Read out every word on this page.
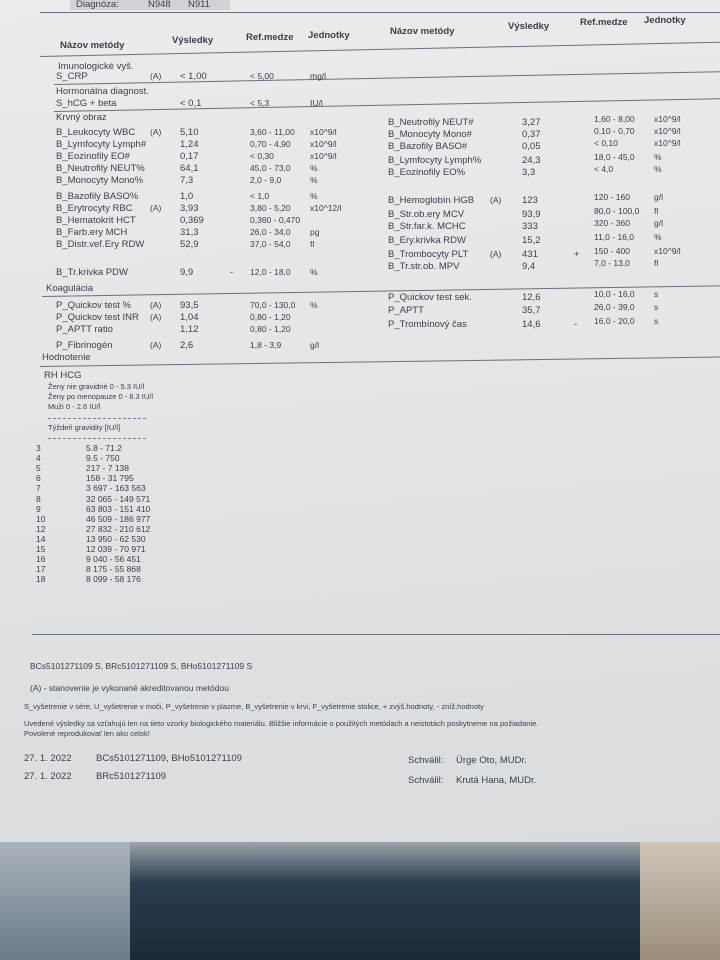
Diagnóza:	N948 N911
Názov metódy	Výsledky	Ref.medze Jednotky	Názov metódy	Výsledky	Ref.medze Jednotky
Imunologické vyš.
Hormonálna diagnost.
Krvný obraz
Koagulácia
Hodnotenie
S_CRP	(A) < 1,00	< 5,00	mg/l
S_hCG + beta	< 0,1	< 5,3	IU/l
B_Leukocyty WBC (A) 5,10	3,60 - 11,00 x10^9/l
B_Lymfocyty Lymph#	1,24	0,70 - 4,90 x10^9/l
B_Eozinofily EO#	0,17	< 0,30	x10^9/l
B_Neutrofily NEUT%	64,1	45,0 - 73,0 %
B_Monocyty Mono%	7,3	2,0 - 9,0	%
B_Bazofily BASO%	1,0	< 1,0	%
B_Erytrocyty RBC (A) 3,93	3,80 - 5,20 x10^12/l
B_Hematokrit HCT	0,369	0,360 - 0,470
B_Farb.ery MCH	31,3	26,0 - 34,0 pg
B_Distr.veľ.Ery RDW	52,9	37,0 - 54,0 fl
B_Tr.krivka PDW	9,9	- 12,0 - 18,0 %
P_Quickov test % (A) 93,5	70,0 - 130,0 %
P_Quickov test INR (A) 1,04	0,80 - 1,20
P_APTT ratio	1,12	0,80 - 1,20
P_Fibrinogén	(A) 2,6	1,8 - 3,9	g/l
B_Neutrofily NEUT#	3,27	1,60 - 8,00 x10^9/l
B_Monocyty Mono#	0,37	0,10 - 0,70 x10^9/l
B_Bazofily BASO#	0,05	< 0,10	x10^9/l
B_Lymfocyty Lymph%	24,3	18,0 - 45,0 %
B_Eozinofily EO%	3,3	< 4,0	%
B_Hemoglobín HGB (A) 123	120 - 160	g/l
B_Str.ob.ery MCV	93,9	80,0 - 100,0 fl
B_Str.far.k. MCHC	333	320 - 360	g/l
B_Ery.krivka RDW	15,2	11,0 - 16,0 %
B_Trombocyty PLT	(A) 431	+ 150 - 400	x10^9/l
B_Tr.str.ob. MPV	9,4	7,0 - 13,0	fl
P_Quickov test sek.	12,6	10,0 - 16,0 s
P_APTT	35,7	26,0 - 39,0 s
P_Trombínový čas	14,6	- 16,0 - 20,0 s
RH HCG
Ženy nie gravidné 0 - 5.3 IU/l
Ženy po menopauze 0 - 8.3 IU/l
Muži 0 - 2.6 IU/l
Týždeň gravidity [IU/l]
3	5.8 - 71.2
4	9.5 - 750
5	217 - 7 138
6	158 - 31 795
7	3 697 - 163 563
8	32 065 - 149 571
9	63 803 - 151 410
10	46 509 - 186 977
12	27 832 - 210 612
14	13 950 - 62 530
15	12 039 - 70 971
16	9 040 - 56 451
17	8 175 - 55 868
18	8 099 - 58 176
BCs5101271109 S, BRc5101271109 S, BHo5101271109 S
(A) - stanovenie je vykonané akreditovanou metódou
S_vyšetrenie v sére, U_vyšetrenie v moči, P_vyšetrenie v plazme, B_vyšetrenie v krvi, F_vyšetrenie stolice, + zvýš.hodnoty, - zníž.hodnoty
Uvedené výsledky sa vzťahujú len na tieto vzorky biologického materiálu. Bližšie informácie o použitých metódach a neistotách poskytneme na požiadanie.
Povolené reprodukovať len ako celok!
27. 1. 2022	BCs5101271109, BHo5101271109	Schválil: Ürge Oto, MUDr.
27. 1. 2022	BRc5101271109	Schválil: Krutá Hana, MUDr.
